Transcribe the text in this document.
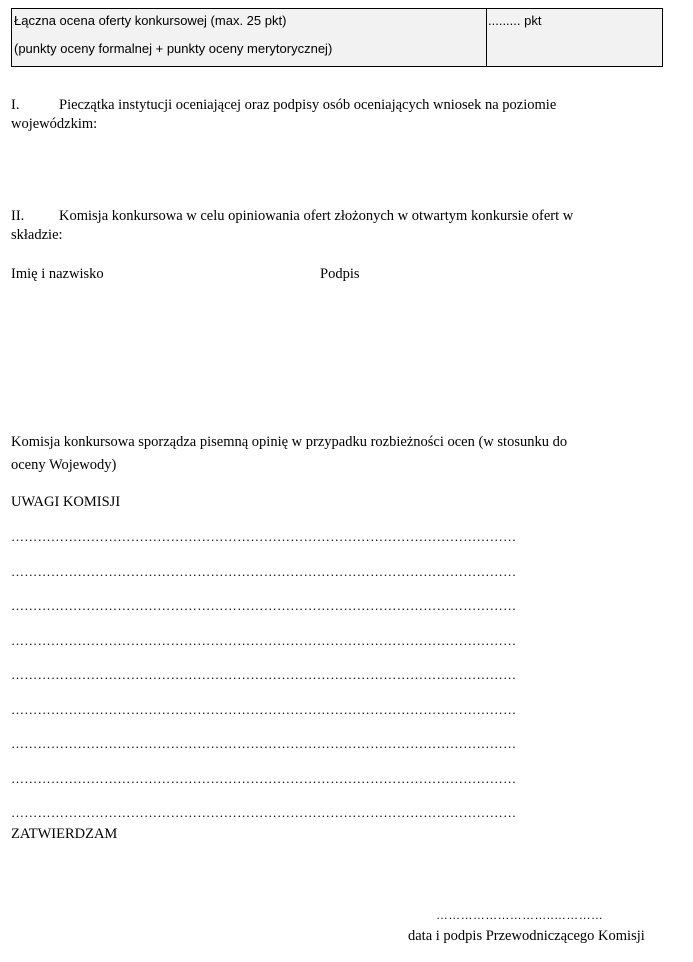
Łączna ocena oferty konkursowej (max. 25 pkt)
(punkty oceny formalnej + punkty oceny merytorycznej)
......... pkt
I.	Pieczątka instytucji oceniającej oraz podpisy osób oceniających wniosek na poziomie
wojewódzkim:
II. Komisja konkursowa w celu opiniowania ofert złożonych w otwartym konkursie ofert w
składzie:
Imię i nazwisko	Podpis
Komisja konkursowa sporządza pisemną opinię w przypadku rozbieżności ocen (w stosunku do
oceny Wojewody)
UWAGI KOMISJI
……………………………………………………………………………………………………
……………………………………………………………………………………………………
……………………………………………………………………………………………………
……………………………………………………………………………………………………
……………………………………………………………………………………………………
……………………………………………………………………………………………………
……………………………………………………………………………………………………
……………………………………………………………………………………………………
……………………………………………………………………………………………………
ZATWIERDZAM
………………………..…………
data i podpis Przewodniczącego Komisji
